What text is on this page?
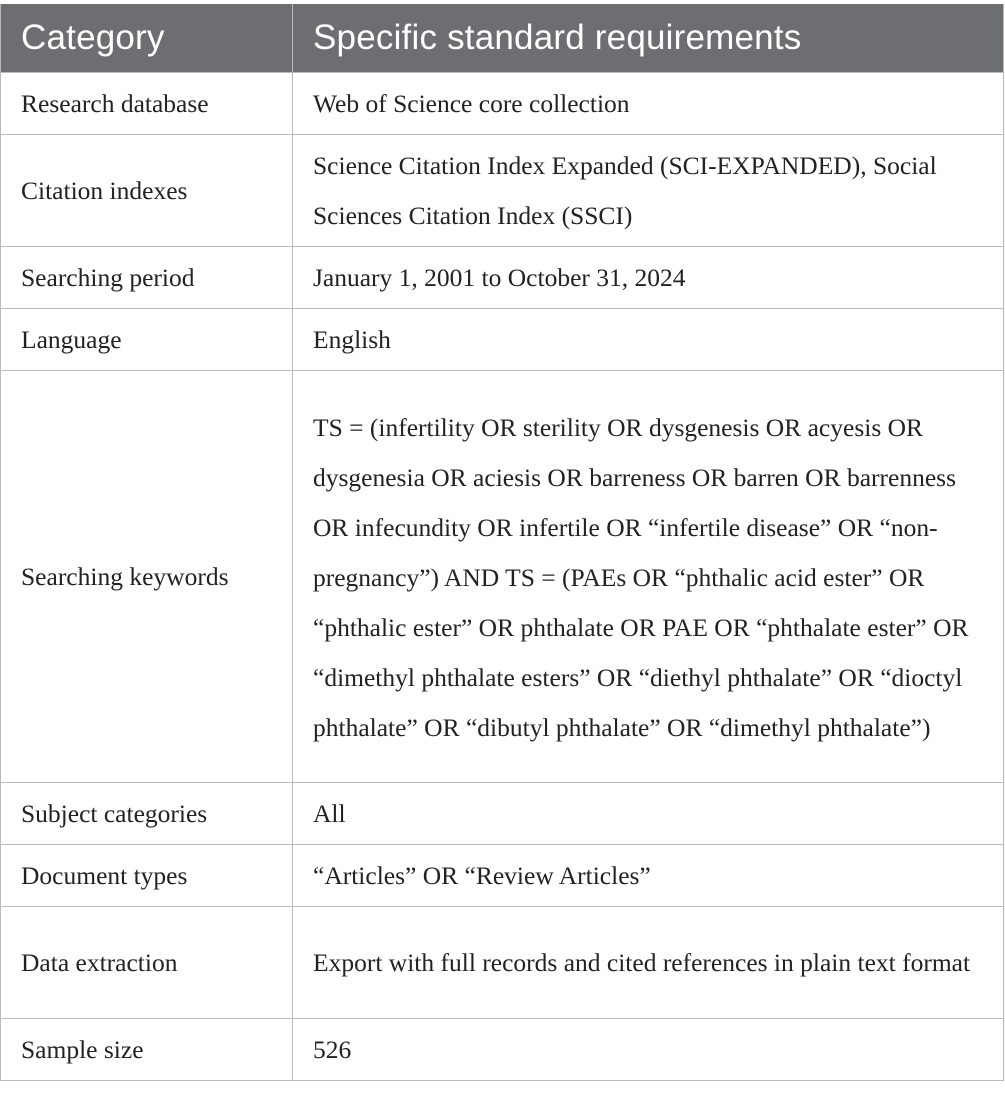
Category	Specific standard requirements
Research database	Web of Science core collection
Citation indexes	Science Citation Index Expanded (SCI-EXPANDED), Social Sciences Citation Index (SSCI)
Searching period	January 1, 2001 to October 31, 2024
Language	English
Searching keywords	TS = (infertility OR sterility OR dysgenesis OR acyesis OR dysgenesia OR aciesis OR barreness OR barren OR barrenness OR infecundity OR infertile OR “infertile disease” OR “non-pregnancy”) AND TS = (PAEs OR “phthalic acid ester” OR “phthalic ester” OR phthalate OR PAE OR “phthalate ester” OR “dimethyl phthalate esters” OR “diethyl phthalate” OR “dioctyl phthalate” OR “dibutyl phthalate” OR “dimethyl phthalate”)
Subject categories	All
Document types	“Articles” OR “Review Articles”
Data extraction	Export with full records and cited references in plain text format
Sample size	526
